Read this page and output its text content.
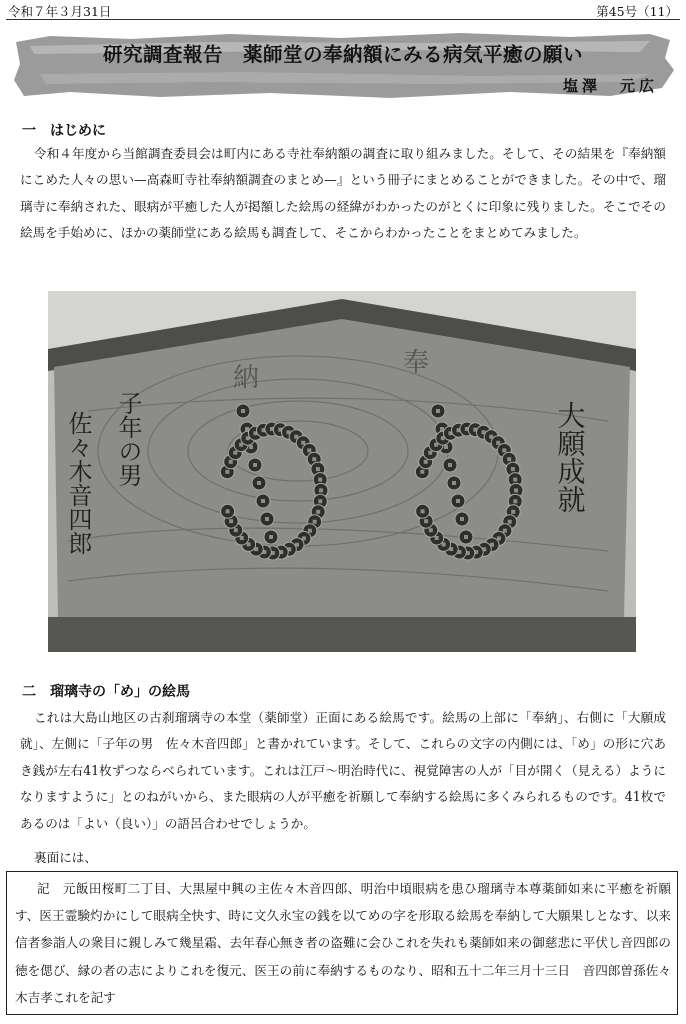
令和７年３月31日	第45号（11）
研究調査報告　薬師堂の奉納額にみる病気平癒の願い
塩澤　元広
一　はじめに
令和４年度から当館調査委員会は町内にある寺社奉納額の調査に取り組みました。そして、その結果を『奉納額にこめた人々の思い—高森町寺社奉納額調査のまとめ—』という冊子にまとめることができました。その中で、瑠璃寺に奉納された、眼病が平癒した人が掲額した絵馬の経緯がわかったのがとくに印象に残りました。そこでその絵馬を手始めに、ほかの薬師堂にある絵馬も調査して、そこからわかったことをまとめてみました。
納	奉
大願成就
子年の男
佐々木音四郎
二　瑠璃寺の「め」の絵馬
これは大島山地区の古刹瑠璃寺の本堂（薬師堂）正面にある絵馬です。絵馬の上部に「奉納」、右側に「大願成就」、左側に「子年の男　佐々木音四郎」と書かれています。そして、これらの文字の内側には、「め」の形に穴あき銭が左右41枚ずつならべられています。これは江戸～明治時代に、視覚障害の人が「目が開く（見える）ようになりますように」とのねがいから、また眼病の人が平癒を祈願して奉納する絵馬に多くみられるものです。41枚であるのは「よい（良い）」の語呂合わせでしょうか。
裏面には、

記　元飯田桜町二丁目、大黒屋中興の主佐々木音四郎、明治中頃眼病を患ひ瑠璃寺本尊薬師如来に平癒を祈願す、医王霊験灼かにして眼病全快す、時に文久永宝の銭を以てめの字を形取る絵馬を奉納して大願果しとなす、以来信者参詣人の衆目に親しみて幾星霜、去年春心無き者の盗難に会ひこれを失れも薬師如来の御慈悲に平伏し音四郎の徳を偲び、縁の者の志によりこれを復元、医王の前に奉納するものなり、昭和五十二年三月十三日　音四郎曽孫佐々木吉孝これを記す
